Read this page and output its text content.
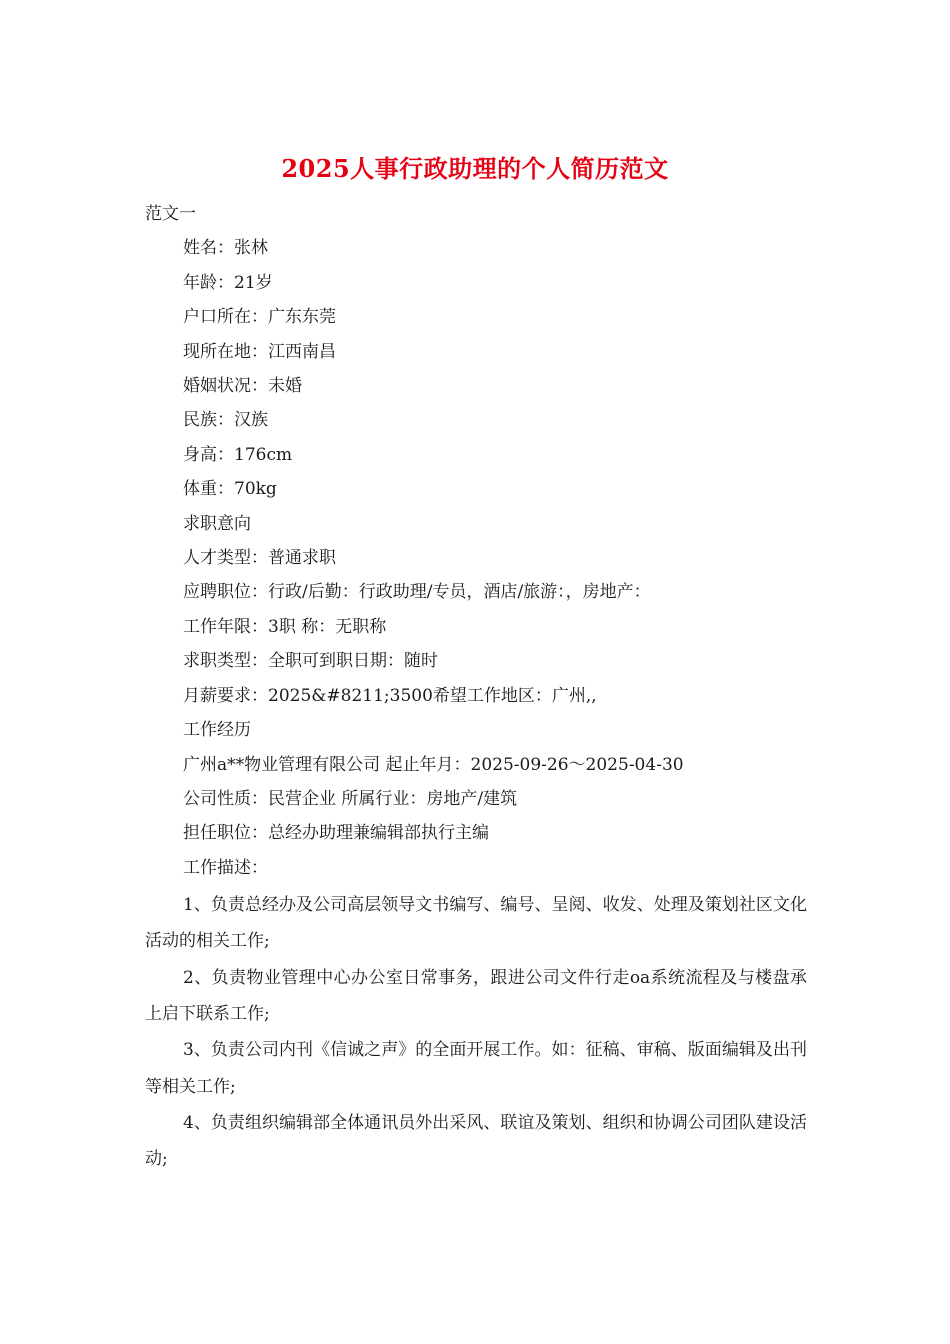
2025人事行政助理的个人简历范文
范文一
姓名：张林
年龄：21岁
户口所在：广东东莞
现所在地：江西南昌
婚姻状况：未婚
民族：汉族
身高：176cm
体重：70kg
求职意向
人才类型：普通求职
应聘职位：行政/后勤：行政助理/专员，酒店/旅游：，房地产：
工作年限：3职 称：无职称
求职类型：全职可到职日期：随时
月薪要求：2025&#8211;3500希望工作地区：广州,,
工作经历
广州a**物业管理有限公司 起止年月：2025-09-26～2025-04-30
公司性质：民营企业 所属行业：房地产/建筑
担任职位：总经办助理兼编辑部执行主编
工作描述：

1、负责总经办及公司高层领导文书编写、编号、呈阅、收发、处理及策划社区文化活动的相关工作;

2、负责物业管理中心办公室日常事务，跟进公司文件行走oa系统流程及与楼盘承上启下联系工作;

3、负责公司内刊《信诚之声》的全面开展工作。如：征稿、审稿、版面编辑及出刊等相关工作;

4、负责组织编辑部全体通讯员外出采风、联谊及策划、组织和协调公司团队建设活动;
